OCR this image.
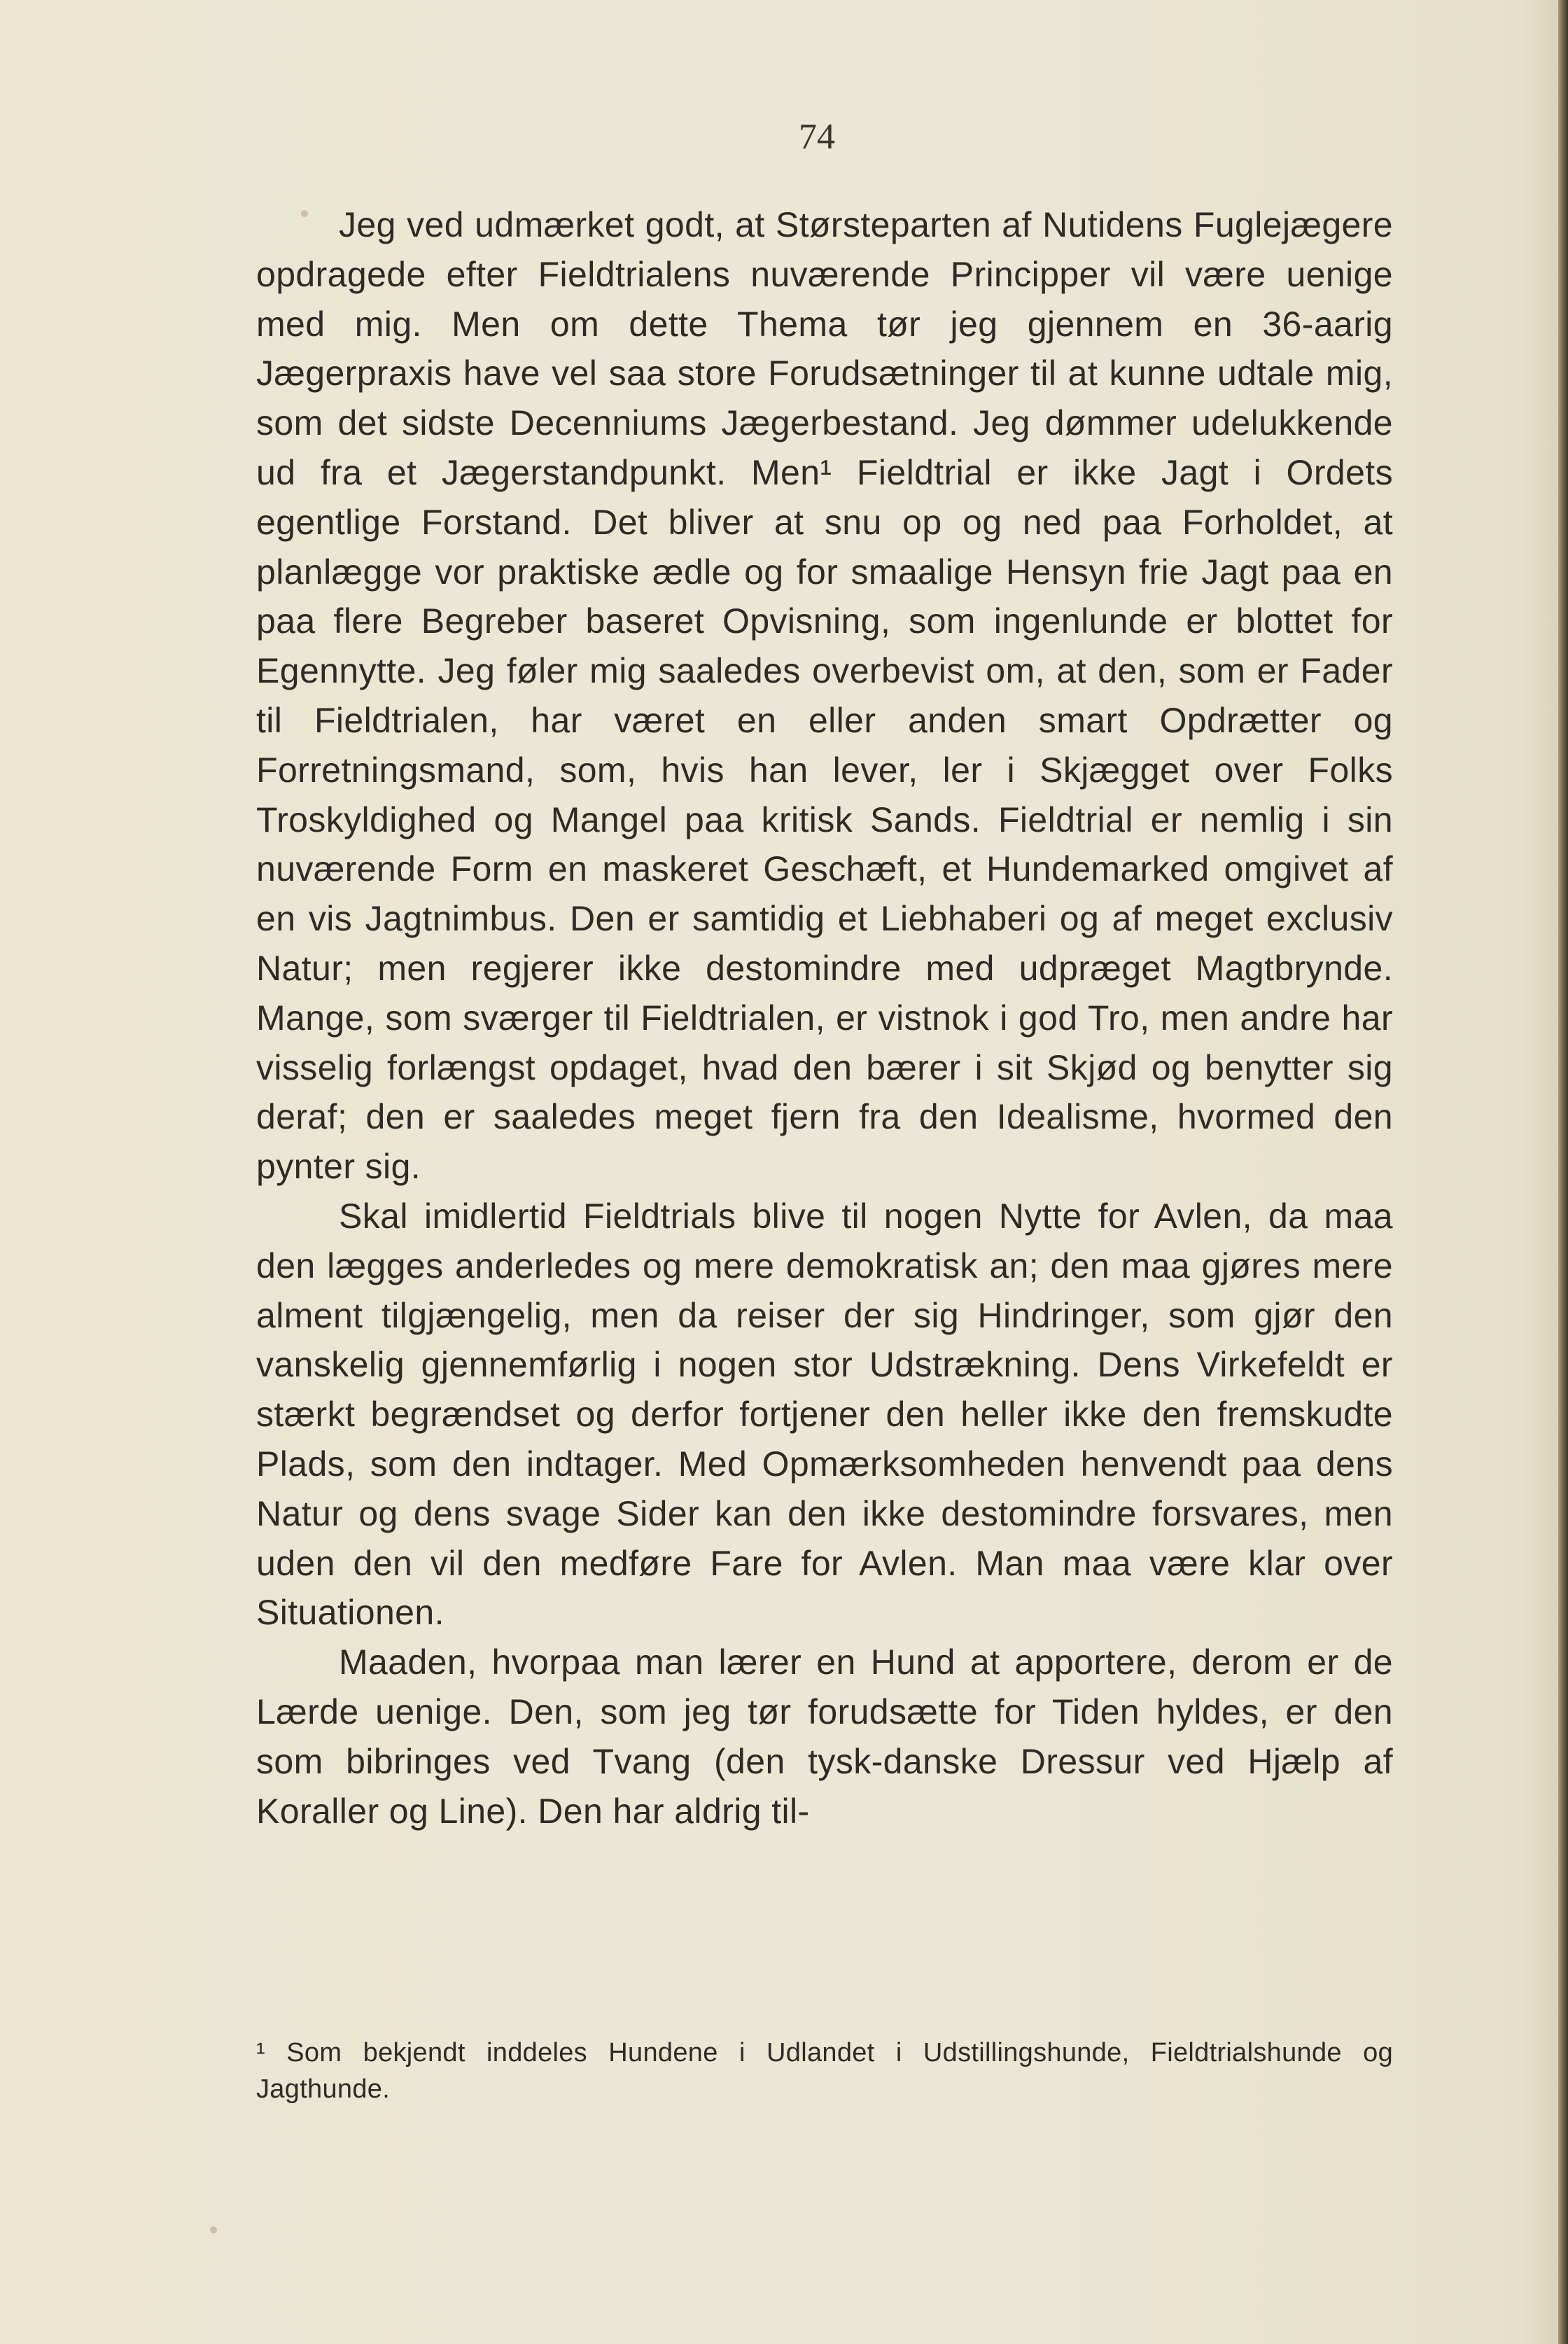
74

Jeg ved udmærket godt, at Størsteparten af Nutidens Fuglejægere opdragede efter Fieldtrialens nuværende Principper vil være uenige med mig. Men om dette Thema tør jeg gjennem en 36-aarig Jægerpraxis have vel saa store Forudsætninger til at kunne udtale mig, som det sidste Decenniums Jægerbestand. Jeg dømmer udelukkende ud fra et Jægerstandpunkt. Men¹ Fieldtrial er ikke Jagt i Ordets egentlige Forstand. Det bliver at snu op og ned paa Forholdet, at planlægge vor praktiske ædle og for smaalige Hensyn frie Jagt paa en paa flere Begreber baseret Opvisning, som ingenlunde er blottet for Egennytte. Jeg føler mig saaledes overbevist om, at den, som er Fader til Fieldtrialen, har været en eller anden smart Opdrætter og Forretningsmand, som, hvis han lever, ler i Skjægget over Folks Troskyldighed og Mangel paa kritisk Sands. Fieldtrial er nemlig i sin nuværende Form en maskeret Geschæft, et Hundemarked omgivet af en vis Jagtnimbus. Den er samtidig et Liebhaberi og af meget exclusiv Natur; men regjerer ikke destomindre med udpræget Magtbrynde. Mange, som sværger til Fieldtrialen, er vistnok i god Tro, men andre har visselig forlængst opdaget, hvad den bærer i sit Skjød og benytter sig deraf; den er saaledes meget fjern fra den Idealisme, hvormed den pynter sig.

Skal imidlertid Fieldtrials blive til nogen Nytte for Avlen, da maa den lægges anderledes og mere demokratisk an; den maa gjøres mere alment tilgjængelig, men da reiser der sig Hindringer, som gjør den vanskelig gjennemførlig i nogen stor Udstrækning. Dens Virkefeldt er stærkt begrændset og derfor fortjener den heller ikke den fremskudte Plads, som den indtager. Med Opmærksomheden henvendt paa dens Natur og dens svage Sider kan den ikke destomindre forsvares, men uden den vil den medføre Fare for Avlen. Man maa være klar over Situationen.

Maaden, hvorpaa man lærer en Hund at apportere, derom er de Lærde uenige. Den, som jeg tør forudsætte for Tiden hyldes, er den som bibringes ved Tvang (den tysk-danske Dressur ved Hjælp af Koraller og Line). Den har aldrig til-

¹ Som bekjendt inddeles Hundene i Udlandet i Udstillingshunde, Fieldtrialshunde og Jagthunde.
